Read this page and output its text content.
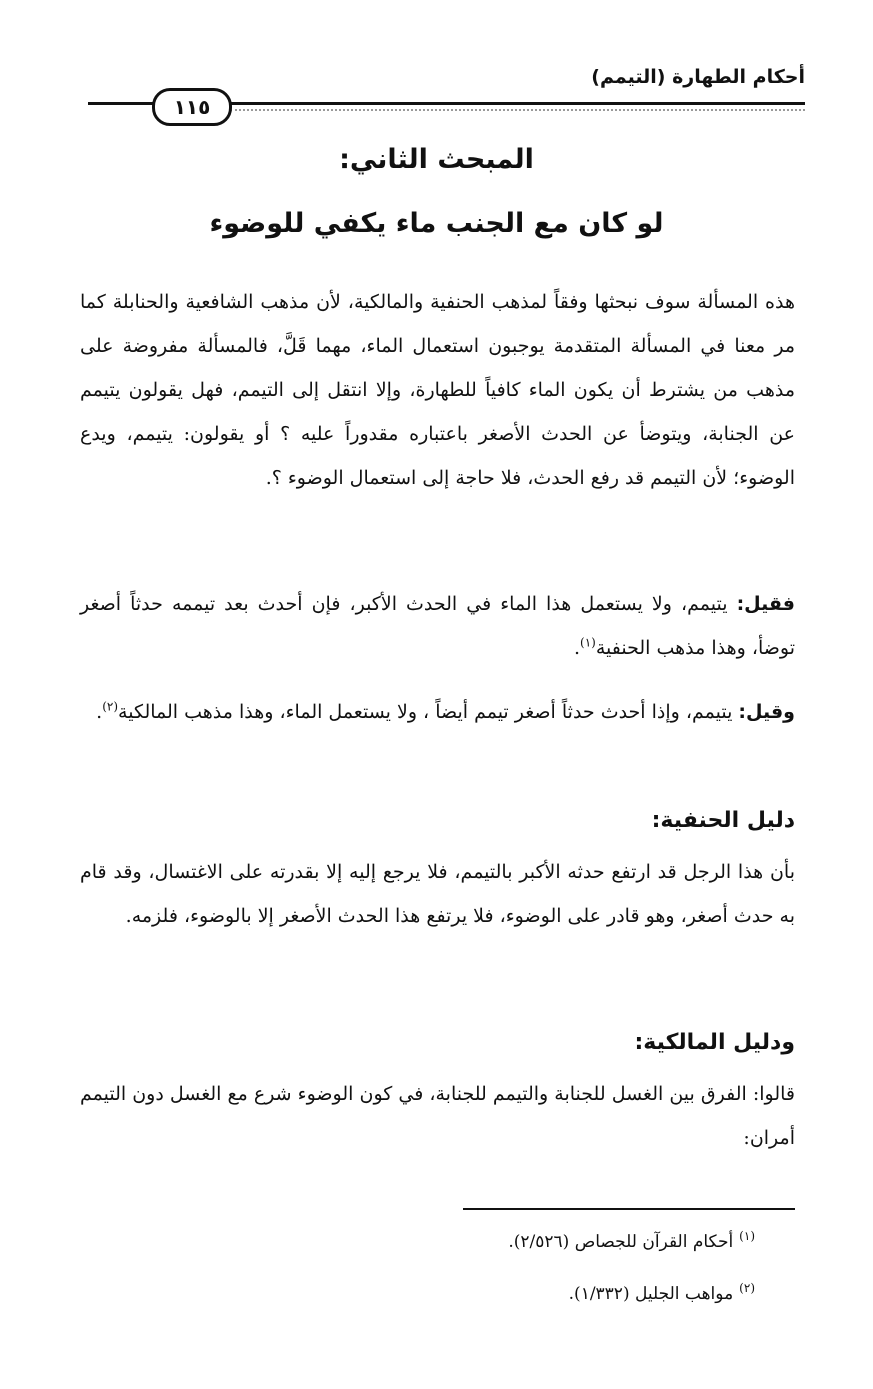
أحكام الطهارة (التيمم)
١١٥
المبحث الثاني:
لو كان مع الجنب ماء يكفي للوضوء

هذه المسألة سوف نبحثها وفقاً لمذهب الحنفية والمالكية، لأن مذهب الشافعية والحنابلة كما مر معنا في المسألة المتقدمة يوجبون استعمال الماء، مهما قَلَّ، فالمسألة مفروضة على مذهب من يشترط أن يكون الماء كافياً للطهارة، وإلا انتقل إلى التيمم، فهل يقولون يتيمم عن الجنابة، ويتوضأ عن الحدث الأصغر باعتباره مقدوراً عليه ؟ أو يقولون: يتيمم، ويدع الوضوء؛ لأن التيمم قد رفع الحدث، فلا حاجة إلى استعمال الوضوء ؟.

فقيل: يتيمم، ولا يستعمل هذا الماء في الحدث الأكبر، فإن أحدث بعد تيممه حدثاً أصغر توضأ، وهذا مذهب الحنفية$^{(١)}$.

وقيل: يتيمم، وإذا أحدث حدثاً أصغر تيمم أيضاً ، ولا يستعمل الماء، وهذا مذهب المالكية$^{(٢)}$.

دليل الحنفية:

بأن هذا الرجل قد ارتفع حدثه الأكبر بالتيمم، فلا يرجع إليه إلا بقدرته على الاغتسال، وقد قام به حدث أصغر، وهو قادر على الوضوء، فلا يرتفع هذا الحدث الأصغر إلا بالوضوء، فلزمه.

ودليل المالكية:

قالوا: الفرق بين الغسل للجنابة والتيمم للجنابة، في كون الوضوء شرع مع الغسل دون التيمم أمران:

$^{(١)}$أحكام القرآن للجصاص (٢/٥٢٦).
$^{(٢)}$مواهب الجليل (١/٣٣٢).
